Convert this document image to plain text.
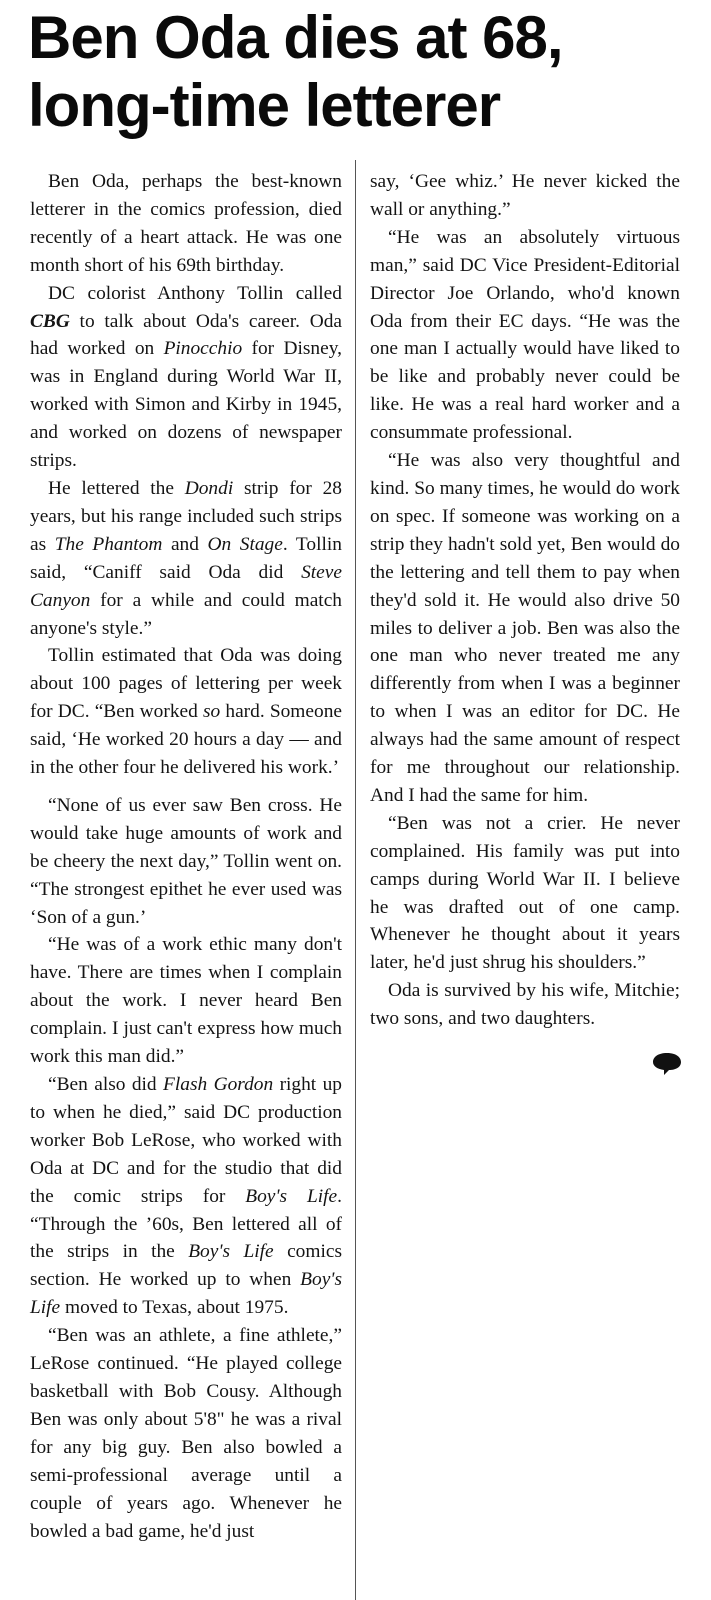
Ben Oda dies at 68,
long-time letterer

Ben Oda, perhaps the best-known letterer in the comics profession, died recently of a heart attack. He was one month short of his 69th birthday.

DC colorist Anthony Tollin called CBG to talk about Oda's career. Oda had worked on Pinocchio for Disney, was in England during World War II, worked with Simon and Kirby in 1945, and worked on dozens of newspaper strips.

He lettered the Dondi strip for 28 years, but his range included such strips as The Phantom and On Stage. Tollin said, “Caniff said Oda did Steve Canyon for a while and could match anyone's style.”

Tollin estimated that Oda was doing about 100 pages of lettering per week for DC. “Ben worked so hard. Someone said, ‘He worked 20 hours a day — and in the other four he delivered his work.’

“None of us ever saw Ben cross. He would take huge amounts of work and be cheery the next day,” Tollin went on. “The strongest epithet he ever used was ‘Son of a gun.’

“He was of a work ethic many don't have. There are times when I complain about the work. I never heard Ben complain. I just can't express how much work this man did.”

“Ben also did Flash Gordon right up to when he died,” said DC production worker Bob LeRose, who worked with Oda at DC and for the studio that did the comic strips for Boy's Life. “Through the ’60s, Ben lettered all of the strips in the Boy's Life comics section. He worked up to when Boy's Life moved to Texas, about 1975.

“Ben was an athlete, a fine athlete,” LeRose continued. “He played college basketball with Bob Cousy. Although Ben was only about 5'8" he was a rival for any big guy. Ben also bowled a semi-professional average until a couple of years ago. Whenever he bowled a bad game, he'd just

say, ‘Gee whiz.’ He never kicked the wall or anything.”

“He was an absolutely virtuous man,” said DC Vice President-Editorial Director Joe Orlando, who'd known Oda from their EC days. “He was the one man I actually would have liked to be like and probably never could be like. He was a real hard worker and a consummate professional.

“He was also very thoughtful and kind. So many times, he would do work on spec. If someone was working on a strip they hadn't sold yet, Ben would do the lettering and tell them to pay when they'd sold it. He would also drive 50 miles to deliver a job. Ben was also the one man who never treated me any differently from when I was a beginner to when I was an editor for DC. He always had the same amount of respect for me throughout our relationship. And I had the same for him.

“Ben was not a crier. He never complained. His family was put into camps during World War II. I believe he was drafted out of one camp. Whenever he thought about it years later, he'd just shrug his shoulders.”

Oda is survived by his wife, Mitchie; two sons, and two daughters.
